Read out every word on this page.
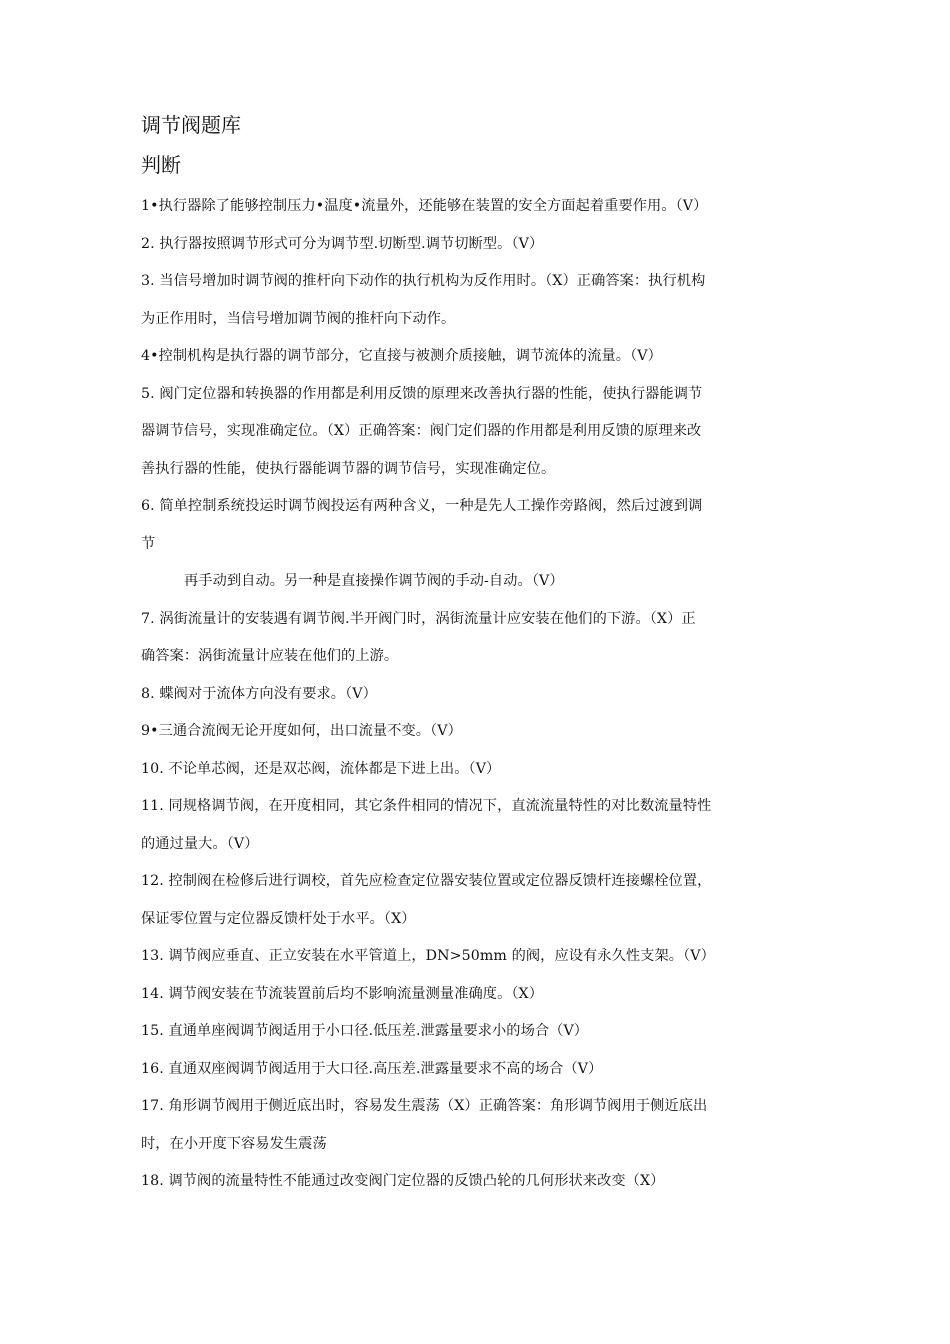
调节阀题库
判断

1•执行器除了能够控制压力•温度•流量外，还能够在装置的安全方面起着重要作用。（V）

2. 执行器按照调节形式可分为调节型.切断型.调节切断型。（V）

3. 当信号增加时调节阀的推杆向下动作的执行机构为反作用时。（X）正确答案：执行机构
为正作用时，当信号增加调节阀的推杆向下动作。

4•控制机构是执行器的调节部分，它直接与被测介质接触，调节流体的流量。（V）

5. 阀门定位器和转换器的作用都是利用反馈的原理来改善执行器的性能，使执行器能调节
器调节信号，实现准确定位。（X）正确答案：阀门定们器的作用都是利用反馈的原理来改
善执行器的性能，使执行器能调节器的调节信号，实现准确定位。

6. 简单控制系统投运时调节阀投运有两种含义，一种是先人工操作旁路阀，然后过渡到调
节
再手动到自动。另一种是直接操作调节阀的手动-自动。（V）

7. 涡街流量计的安装遇有调节阀.半开阀门时，涡街流量计应安装在他们的下游。（X）正
确答案：涡街流量计应装在他们的上游。

8. 蝶阀对于流体方向没有要求。（V）

9•三通合流阀无论开度如何，出口流量不变。（V）

10. 不论单芯阀，还是双芯阀，流体都是下进上出。（V）

11. 同规格调节阀，在开度相同，其它条件相同的情况下，直流流量特性的对比数流量特性
的通过量大。（V）

12. 控制阀在检修后进行调校，首先应检查定位器安装位置或定位器反馈杆连接螺栓位置，
保证零位置与定位器反馈杆处于水平。（X）

13. 调节阀应垂直、正立安装在水平管道上，DN>50mm 的阀，应设有永久性支架。（V）

14. 调节阀安装在节流装置前后均不影响流量测量准确度。（X）

15. 直通单座阀调节阀适用于小口径.低压差.泄露量要求小的场合（V）

16. 直通双座阀调节阀适用于大口径.高压差.泄露量要求不高的场合（V）

17. 角形调节阀用于侧近底出时，容易发生震荡（X）正确答案：角形调节阀用于侧近底出
时，在小开度下容易发生震荡

18. 调节阀的流量特性不能通过改变阀门定位器的反馈凸轮的几何形状来改变（X）
